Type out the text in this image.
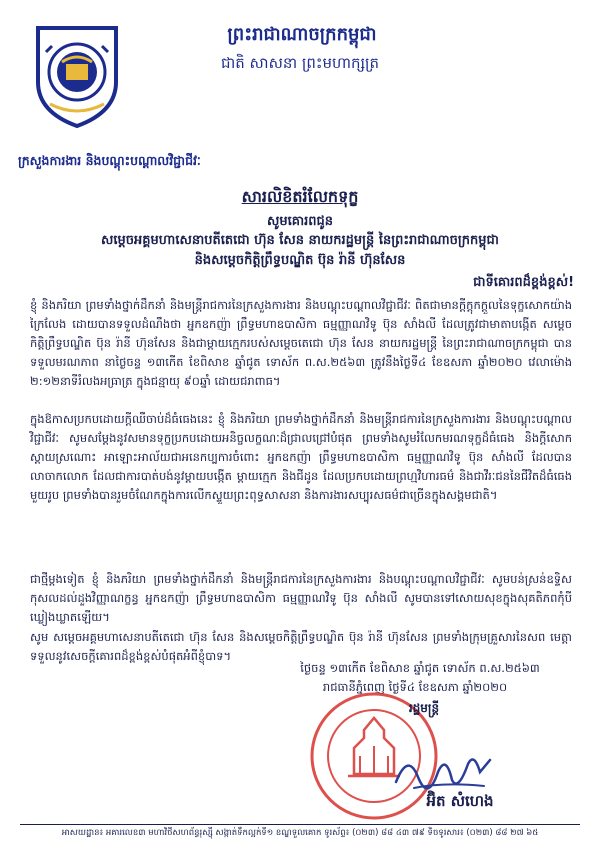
ព្រះរាជាណាចក្រកម្ពុជា
ជាតិ សាសនា ព្រះមហាក្សត្រ
ក្រសួងការងារ និងបណ្តុះបណ្តាលវិជ្ជាជីវៈ
សារលិខិតរំលែកទុក្ខ
សូមគោរពជូន
សម្តេចអគ្គមហាសេនាបតីតេជោ ហ៊ុន សែន នាយករដ្ឋមន្ត្រី នៃព្រះរាជាណាចក្រកម្ពុជា
និងសម្តេចកិត្តិព្រឹទ្ធបណ្ឌិត ប៊ុន រ៉ានី ហ៊ុនសែន
ជាទីគោរពដ៏ខ្ពង់ខ្ពស់!
ខ្ញុំ និងភរិយា ព្រមទាំងថ្នាក់ដឹកនាំ និងមន្ត្រីរាជការនៃក្រសួងការងារ និងបណ្តុះបណ្តាលវិជ្ជាជីវៈ ពិតជាមានក្តីក្តុកក្តួលនៃទុក្ខសោកយ៉ាងក្រៃលែង ដោយបានទទួលដំណឹងថា អ្នកឧកញ៉ា ព្រឹទ្ធមហាឧបាសិកា ធម្មញ្ញាណវិទូ ប៊ុន សាំងលី ដែលត្រូវជាមាតាបង្កើត សម្តេចកិត្តិព្រឹទ្ធបណ្ឌិត ប៊ុន រ៉ានី ហ៊ុនសែន និងជាម្តាយក្មេករបស់សម្តេចតេជោ ហ៊ុន សែន នាយករដ្ឋមន្ត្រី នៃព្រះរាជាណាចក្រកម្ពុជា បានទទួលមរណភាព នាថ្ងៃចន្ទ ១៣កើត ខែពិសាខ ឆ្នាំជូត ទោស័ក ព.ស.២៥៦៣ ត្រូវនឹងថ្ងៃទី៤ ខែឧសភា ឆ្នាំ២០២០ វេលាម៉ោង ២:១២នាទីរំលងអធ្រាត្រ ក្នុងជន្មាយុ ៩០ឆ្នាំ ដោយជរាពាធ។
ក្នុងឱកាសប្រកបដោយក្តីឈឺចាប់ដ៏ធំធេងនេះ ខ្ញុំ និងភរិយា ព្រមទាំងថ្នាក់ដឹកនាំ និងមន្ត្រីរាជការនៃក្រសួងការងារ និងបណ្តុះបណ្តាលវិជ្ជាជីវៈ សូមសម្តែងនូវសមានទុក្ខប្រកបដោយអនិច្ចលក្ខណៈដ៏ជ្រាលជ្រៅបំផុត ព្រមទាំងសូមរំលែកមរណទុក្ខដ៏ធំធេង និងក្តីសោកស្តាយស្រណោះ អាឡោះអាល័យជាអនេកប្បការចំពោះ អ្នកឧកញ៉ា ព្រឹទ្ធមហាឧបាសិកា ធម្មញ្ញាណវិទូ ប៊ុន សាំងលី ដែលបានលាចាកលោក ដែលជាការបាត់បង់នូវម្តាយបង្កើត ម្តាយក្មេក និងជីដូន ដែលប្រកបដោយព្រហ្មវិហារធម៌ និងជាវីរៈជននៃជីវិតដ៏ធំធេងមួយរូប ព្រមទាំងបានរួមចំណែកក្នុងការលើកស្ទួយព្រះពុទ្ធសាសនា និងការងារសប្បុរសធម៌ជាច្រើនក្នុងសង្គមជាតិ។
ជាថ្មីម្តងទៀត ខ្ញុំ និងភរិយា ព្រមទាំងថ្នាក់ដឹកនាំ និងមន្ត្រីរាជការនៃក្រសួងការងារ និងបណ្តុះបណ្តាលវិជ្ជាជីវៈ សូមបន់ស្រន់ឧទ្ទិសកុសលដល់ដួងវិញ្ញាណក្ខន្ធ អ្នកឧកញ៉ា ព្រឹទ្ធមហាឧបាសិកា ធម្មញ្ញាណវិទូ ប៊ុន សាំងលី សូមបានទៅសោយសុខក្នុងសុគតិភពកុំបីឃ្លៀងឃ្លាតឡើយ។
សូម សម្តេចអគ្គមហាសេនាបតីតេជោ ហ៊ុន សែន និងសម្តេចកិត្តិព្រឹទ្ធបណ្ឌិត ប៊ុន រ៉ានី ហ៊ុនសែន ព្រមទាំងក្រុមគ្រួសារនៃសព មេត្តាទទួលនូវសេចក្តីគោរពដ៏ខ្ពង់ខ្ពស់បំផុតអំពីខ្ញុំបាទ។
ថ្ងៃចន្ទ ១៣កើត ខែពិសាខ ឆ្នាំជូត ទោស័ក ព.ស.២៥៦៣
រាជធានីភ្នំពេញ ថ្ងៃទី៤ ខែឧសភា ឆ្នាំ២០២០
រដ្ឋមន្ត្រី
អ៊ិត សំហេង
អាសយដ្ឋាន៖ អគារលេខ៣ មហាវិថីសហព័ន្ធរុស្ស៊ី សង្កាត់ទឹកល្អក់ទី១ ខណ្ឌទួលគោក ទូរស័ព្ទ៖ (០២៣) ៨៨ ៤៣ ៧៩ ទិចទូរសារ៖ (០២៣) ៨៨ ២៧ ៦៥
